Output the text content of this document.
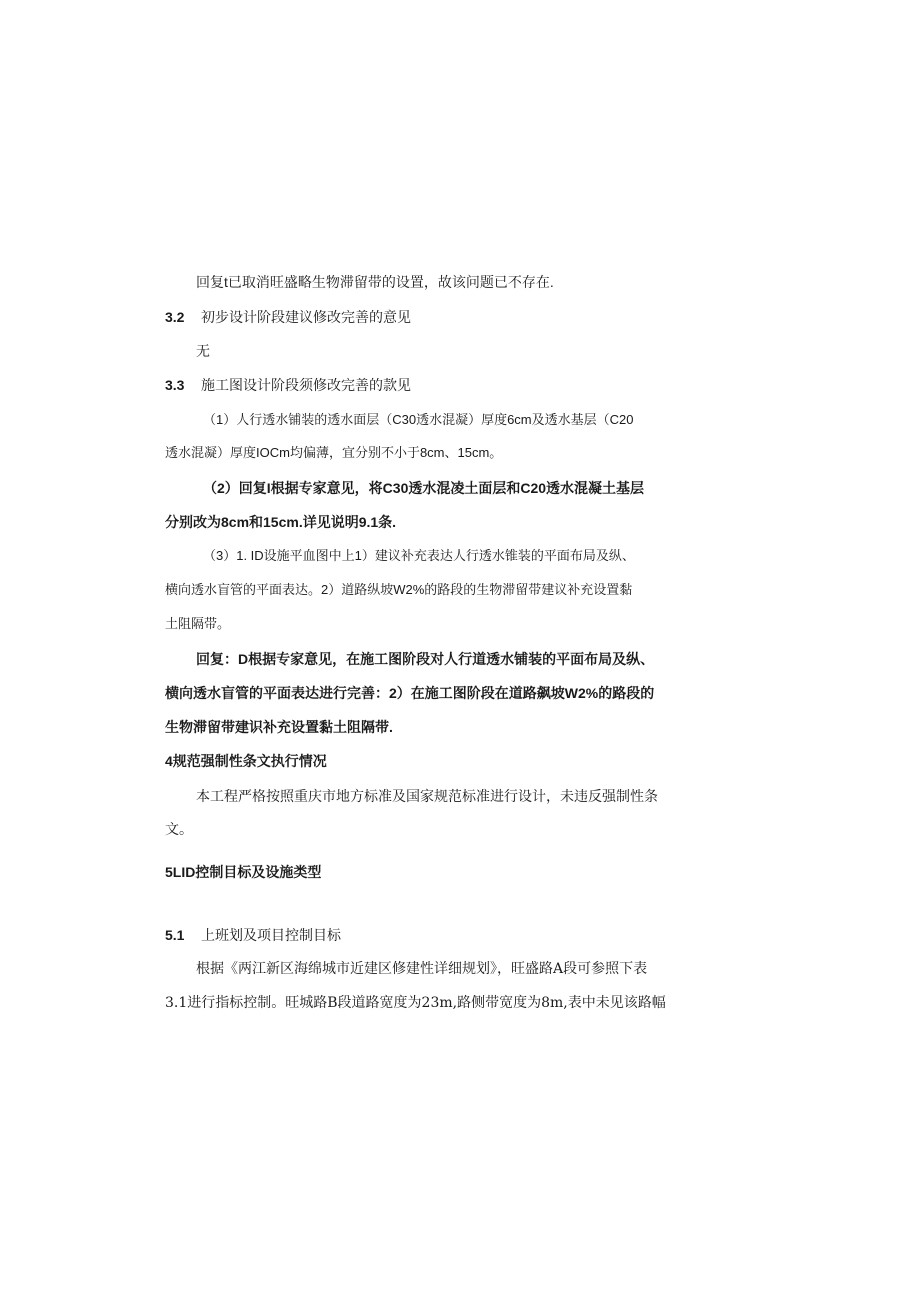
回复t已取消旺盛略生物滞留带的设置，故该问题已不存在.

3.2 初步设计阶段建议修改完善的意见

无

3.3 施工图设计阶段须修改完善的款见

（1）人行透水铺装的透水面层（C30透水混凝）厚度6cm及透水基层（C20

透水混凝）厚度IOCm均偏薄，宜分别不小于8cm、15cm。

（2）回复I根据专家意见，将C30透水混凌土面层和C20透水混凝土基层

分别改为8cm和15cm.详见说明9.1条.

（3）1. ID设施平血图中上1）建议补充表达人行透水锥装的平面布局及纵、

横向透水盲管的平面表达。2）道路纵坡W2%的路段的生物滞留带建议补充设置黏

土阻隔带。

回复：D根据专家意见，在施工图阶段对人行道透水铺装的平面布局及纵、

横向透水盲管的平面表达进行完善：2）在施工图阶段在道路飙坡W2%的路段的

生物滞留带建识补充设置黏土阻隔带.

4规范强制性条文执行情况

本工程严格按照重庆市地方标准及国家规范标准进行设计，未违反强制性条

文。

5LID控制目标及设施类型

5.1 上班划及项目控制目标

根据《两江新区海绵城市近建区修建性详细规划》，旺盛路A段可参照下表

3.1进行指标控制。旺城路B段道路宽度为23m,路侧带宽度为8m,表中未见该路幅
